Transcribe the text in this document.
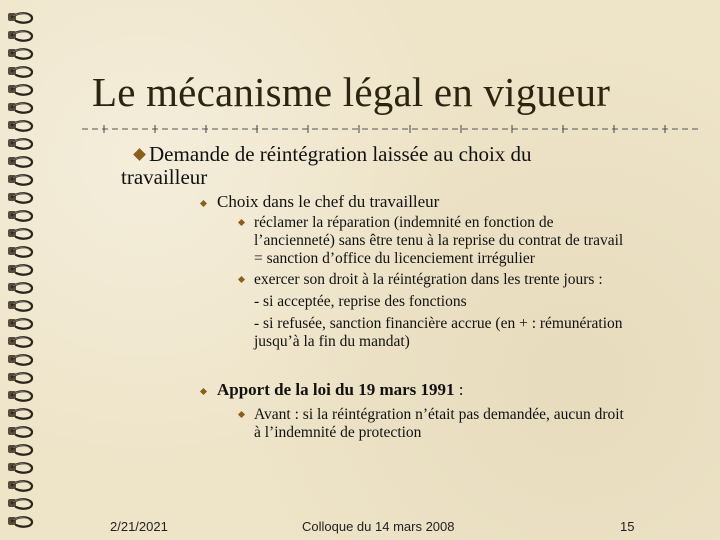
Le mécanisme légal en vigueur
Demande de réintégration laissée au choix du
travailleur
Choix dans le chef du travailleur
réclamer la réparation (indemnité en fonction de
l’ancienneté) sans être tenu à la reprise du contrat de travail
= sanction d’office du licenciement irrégulier
exercer son droit à la réintégration dans les trente jours :
- si acceptée, reprise des fonctions
- si refusée, sanction financière accrue (en + : rémunération
jusqu’à la fin du mandat)
Apport de la loi du 19 mars 1991 :
Avant : si la réintégration n’était pas demandée, aucun droit
à l’indemnité de protection
2/21/2021	Colloque du 14 mars 2008	15
